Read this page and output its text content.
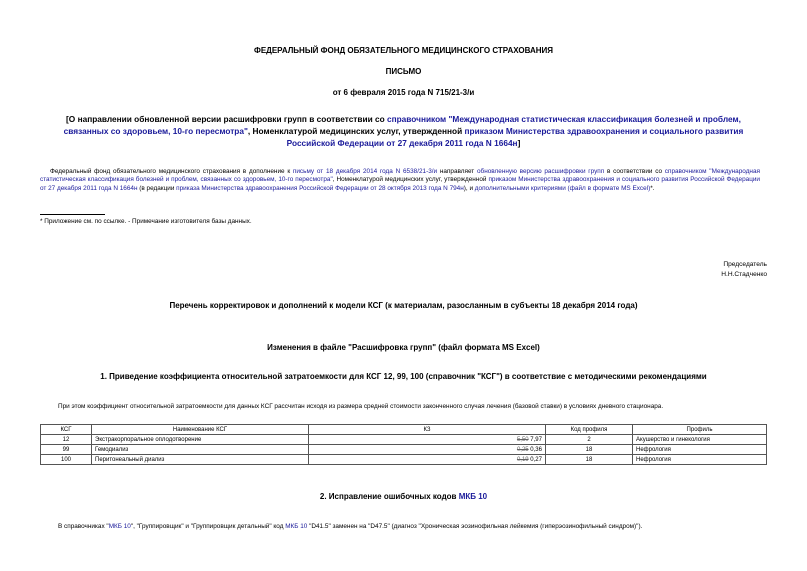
ФЕДЕРАЛЬНЫЙ ФОНД ОБЯЗАТЕЛЬНОГО МЕДИЦИНСКОГО СТРАХОВАНИЯ
ПИСЬМО
от 6 февраля 2015 года N 715/21-3/и
[О направлении обновленной версии расшифровки групп в соответствии со справочником "Международная статистическая классификация болезней и проблем,
связанных со здоровьем, 10-го пересмотра", Номенклатурой медицинских услуг, утвержденной приказом Министерства здравоохранения и социального развития
Российской Федерации от 27 декабря 2011 года N 1664н]
Федеральный фонд обязательного медицинского страхования в дополнение к письму от 18 декабря 2014 года N 6538/21-3/и направляет обновленную версию расшифровки групп в соответствии со справочником "Международная статистическая классификация болезней и проблем, связанных со здоровьем, 10-го пересмотра", Номенклатурой медицинских услуг, утвержденной приказом Министерства здравоохранения и социального развития Российской Федерации от 27 декабря 2011 года N 1664н (в редакции приказа Министерства здравоохранения Российской Федерации от 28 октября 2013 года N 794н), и дополнительными критериями (файл в формате MS Excel)*.
* Приложение см. по ссылке. - Примечание изготовителя базы данных.
Председатель
Н.Н.Стадченко
Перечень корректировок и дополнений к модели КСГ (к материалам, разосланным в субъекты 18 декабря 2014 года)
Изменения в файле "Расшифровка групп" (файл формата MS Excel)
1. Приведение коэффициента относительной затратоемкости для КСГ 12, 99, 100 (справочник "КСГ") в соответствие с методическими рекомендациями
При этом коэффициент относительной затратоемкости для данных КСГ рассчитан исходя из размера средней стоимости законченного случая лечения (базовой ставки) в условиях дневного стационара.
КСГ	Наименование КСГ	КЗ	Код профиля	Профиль
12	Экстракорпоральное оплодотворение	5,50 7,97	2	Акушерство и гинекология
99	Гемодиализ	0,25 0,36	18	Нефрология
100	Перитонеальный диализ	0,19 0,27	18	Нефрология
2. Исправление ошибочных кодов МКБ 10
В справочниках "МКБ 10", "Группировщик" и "Группировщик детальный" код МКБ 10 "D41.5" заменен на "D47.5" (диагноз "Хроническая эозинофильная лейкемия (гиперэозинофильный синдром)").
